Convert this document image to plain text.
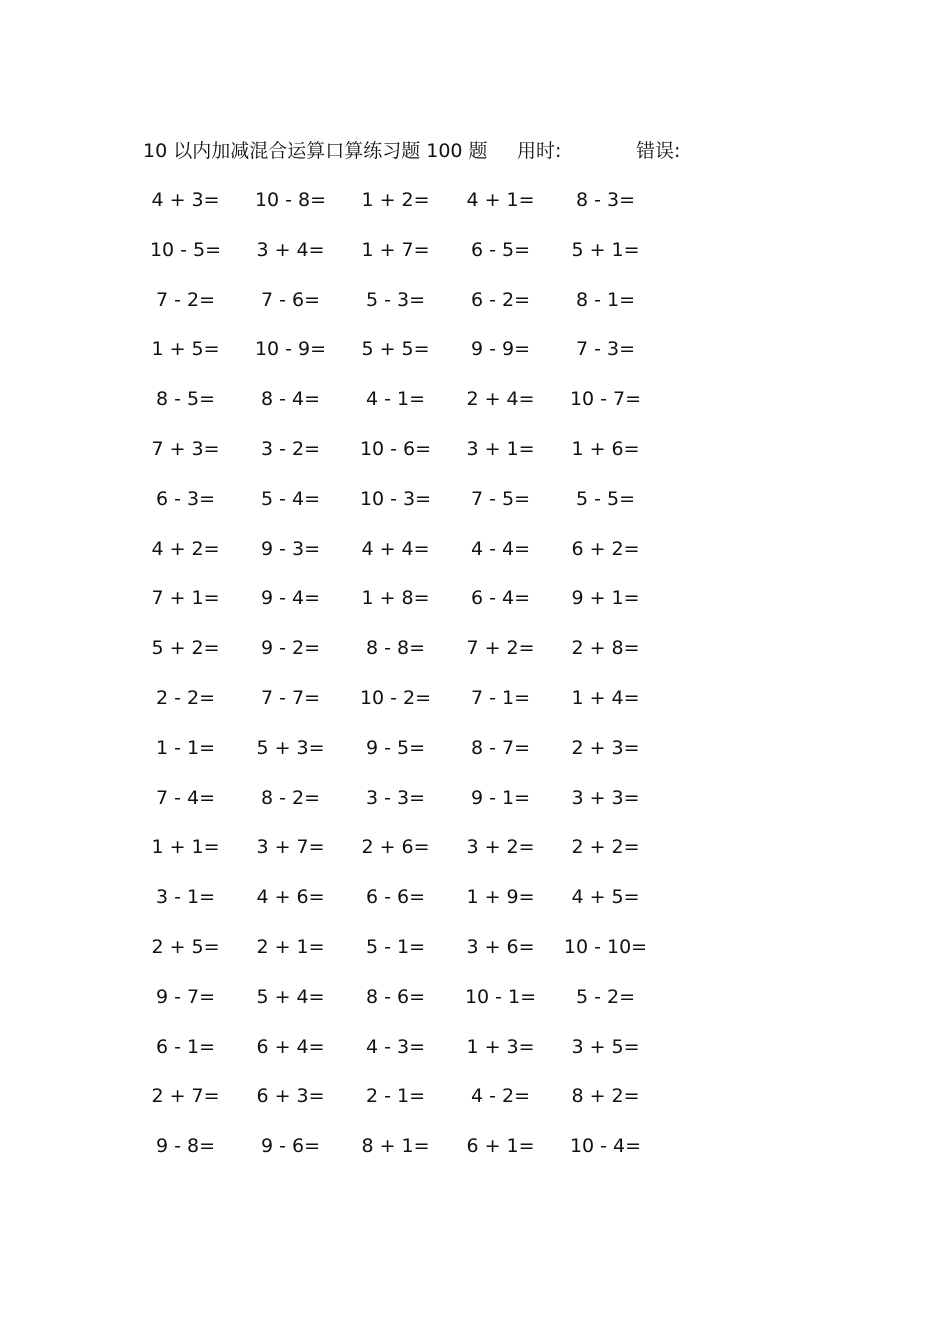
10 以内加减混合运算口算练习题 100 题 用时:	错误:
4 + 3=	10 - 8=	1 + 2=	4 + 1=	8 - 3=
10 - 5=	3 + 4=	1 + 7=	6 - 5=	5 + 1=
7 - 2=	7 - 6=	5 - 3=	6 - 2=	8 - 1=
1 + 5=	10 - 9=	5 + 5=	9 - 9=	7 - 3=
8 - 5=	8 - 4=	4 - 1=	2 + 4=	10 - 7=
7 + 3=	3 - 2=	10 - 6=	3 + 1=	1 + 6=
6 - 3=	5 - 4=	10 - 3=	7 - 5=	5 - 5=
4 + 2=	9 - 3=	4 + 4=	4 - 4=	6 + 2=
7 + 1=	9 - 4=	1 + 8=	6 - 4=	9 + 1=
5 + 2=	9 - 2=	8 - 8=	7 + 2=	2 + 8=
2 - 2=	7 - 7=	10 - 2=	7 - 1=	1 + 4=
1 - 1=	5 + 3=	9 - 5=	8 - 7=	2 + 3=
7 - 4=	8 - 2=	3 - 3=	9 - 1=	3 + 3=
1 + 1=	3 + 7=	2 + 6=	3 + 2=	2 + 2=
3 - 1=	4 + 6=	6 - 6=	1 + 9=	4 + 5=
2 + 5=	2 + 1=	5 - 1=	3 + 6=	10 - 10=
9 - 7=	5 + 4=	8 - 6=	10 - 1=	5 - 2=
6 - 1=	6 + 4=	4 - 3=	1 + 3=	3 + 5=
2 + 7=	6 + 3=	2 - 1=	4 - 2=	8 + 2=
9 - 8=	9 - 6=	8 + 1=	6 + 1=	10 - 4=
